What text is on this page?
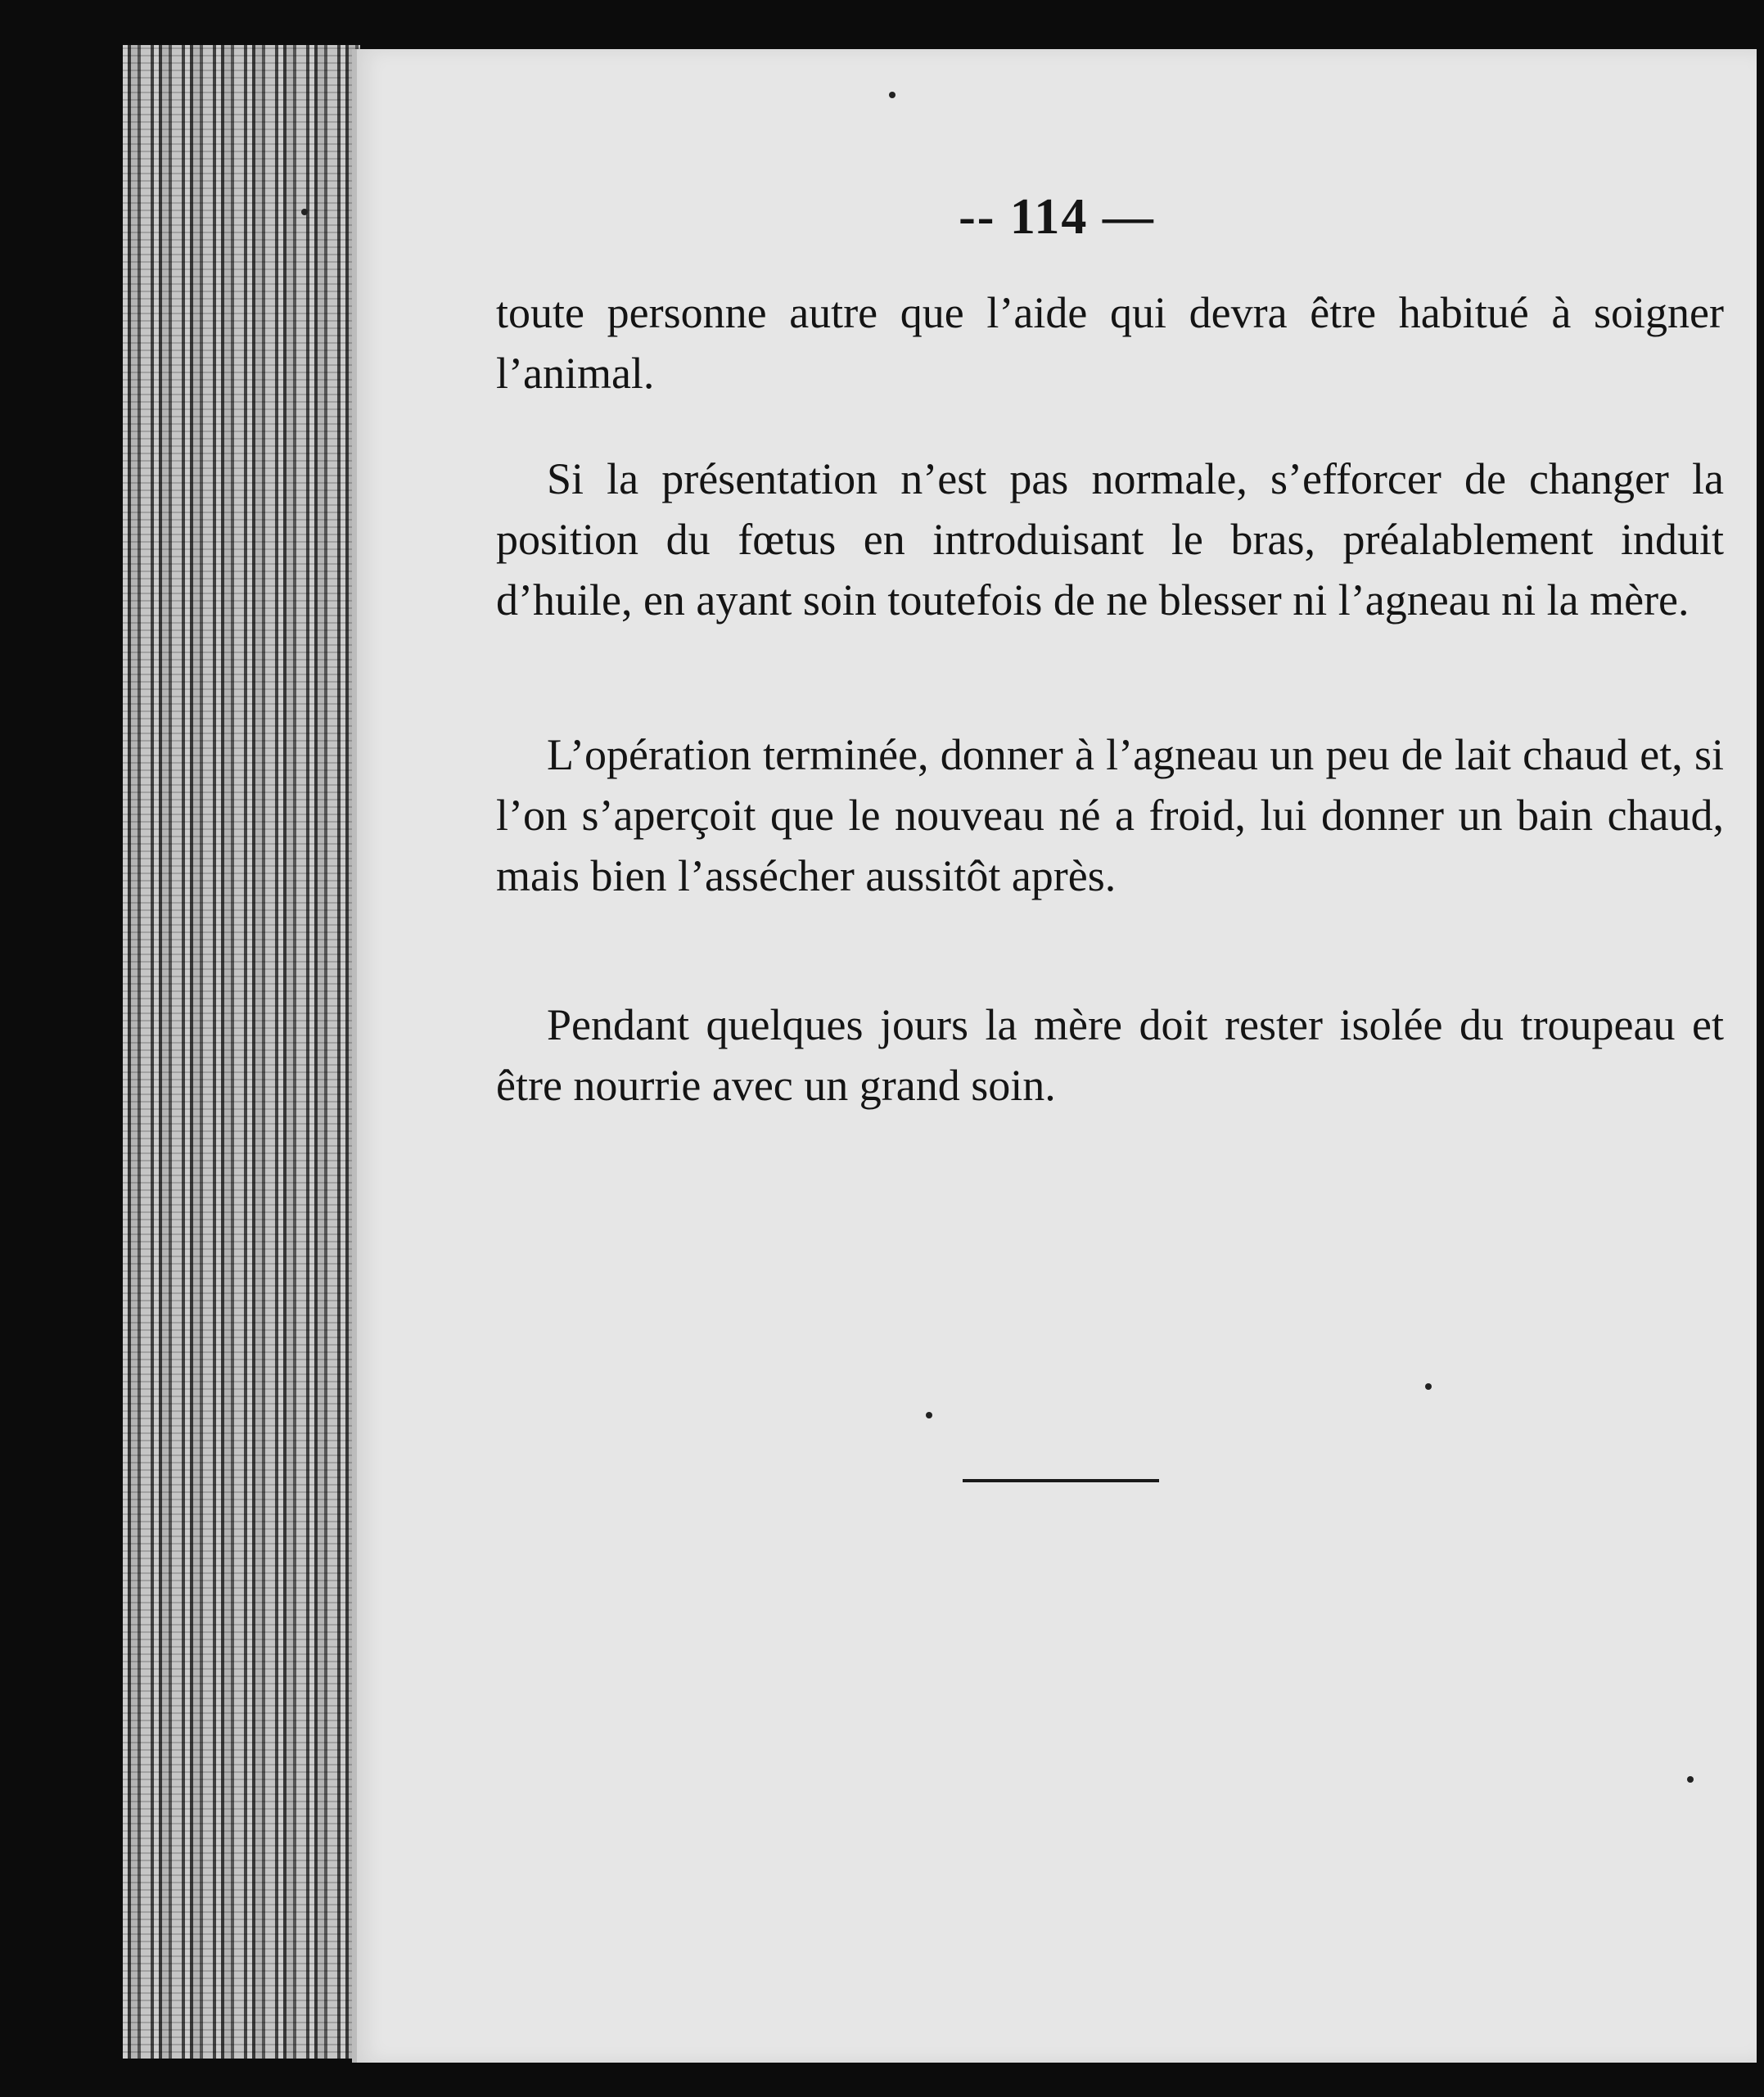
-- 114 —

toute personne autre que l’aide qui devra être habitué à soigner l’animal.

Si la présentation n’est pas normale, s’efforcer de changer la position du fœtus en introduisant le bras, préalablement induit d’huile, en ayant soin toutefois de ne blesser ni l’agneau ni la mère.

L’opération terminée, donner à l’agneau un peu de lait chaud et, si l’on s’aperçoit que le nouveau né a froid, lui donner un bain chaud, mais bien l’assécher aussitôt après.

Pendant quelques jours la mère doit rester isolée du troupeau et être nourrie avec un grand soin.
